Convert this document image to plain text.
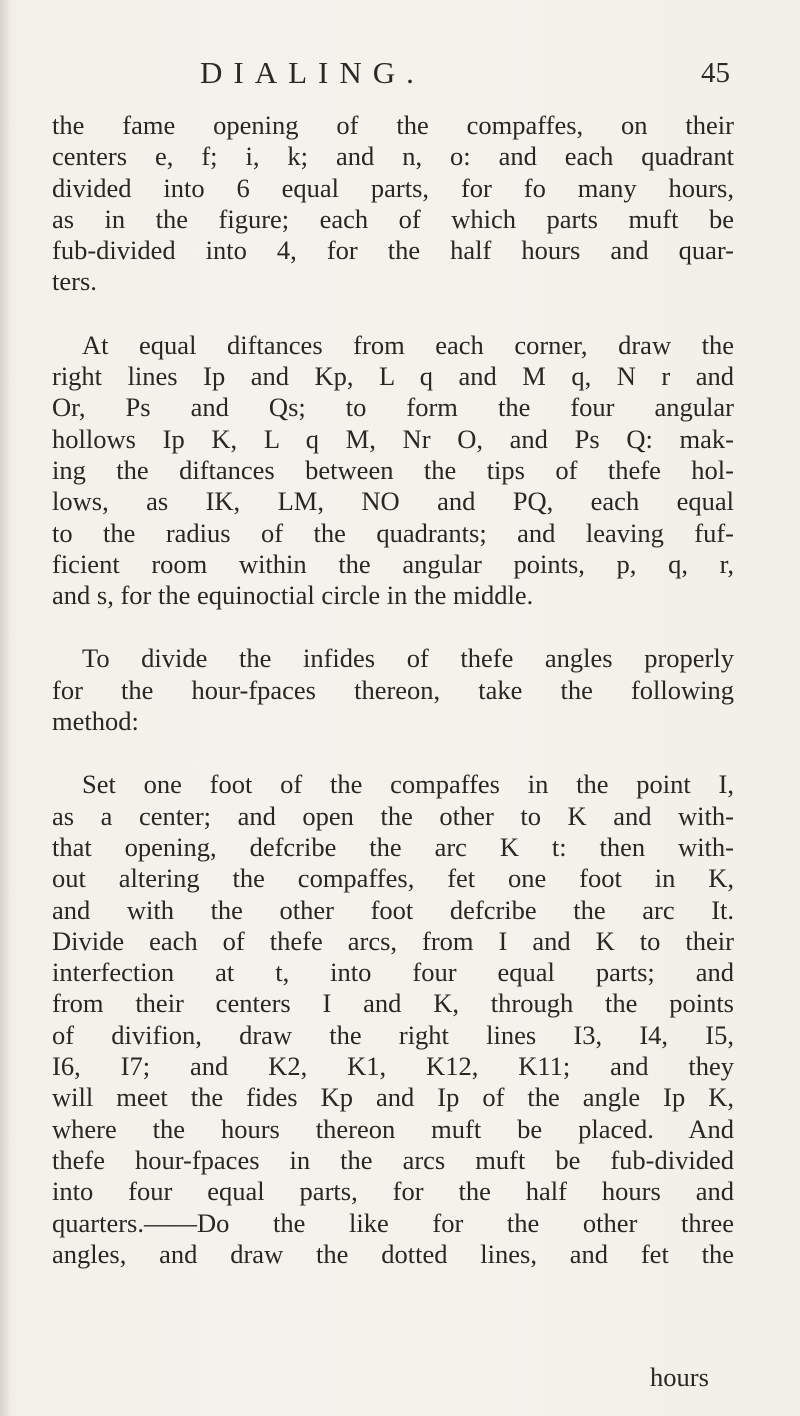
DIALING.	45

the fame opening of the compaffes, on their
centers e, f; i, k; and n, o: and each quadrant
divided into 6 equal parts, for fo many hours,
as in the figure; each of which parts muft be
fub-divided into 4, for the half hours and quar-
ters.

At equal diftances from each corner, draw the
right lines Ip and Kp, L q and M q, N r and
Or, Ps and Qs; to form the four angular
hollows Ip K, L q M, Nr O, and Ps Q: mak-
ing the diftances between the tips of thefe hol-
lows, as IK, LM, NO and PQ, each equal
to the radius of the quadrants; and leaving fuf-
ficient room within the angular points, p, q, r,
and s, for the equinoctial circle in the middle.

To divide the infides of thefe angles properly
for the hour-fpaces thereon, take the following
method:

Set one foot of the compaffes in the point I,
as a center; and open the other to K and with-
that opening, defcribe the arc K t: then with-
out altering the compaffes, fet one foot in K,
and with the other foot defcribe the arc It.
Divide each of thefe arcs, from I and K to their
interfection at t, into four equal parts; and
from their centers I and K, through the points
of divifion, draw the right lines I3, I4, I5,
I6, I7; and K2, K1, K12, K11; and they
will meet the fides Kp and Ip of the angle Ip K,
where the hours thereon muft be placed. And
thefe hour-fpaces in the arcs muft be fub-divided
into four equal parts, for the half hours and
quarters.——Do the like for the other three
angles, and draw the dotted lines, and fet the

hours
